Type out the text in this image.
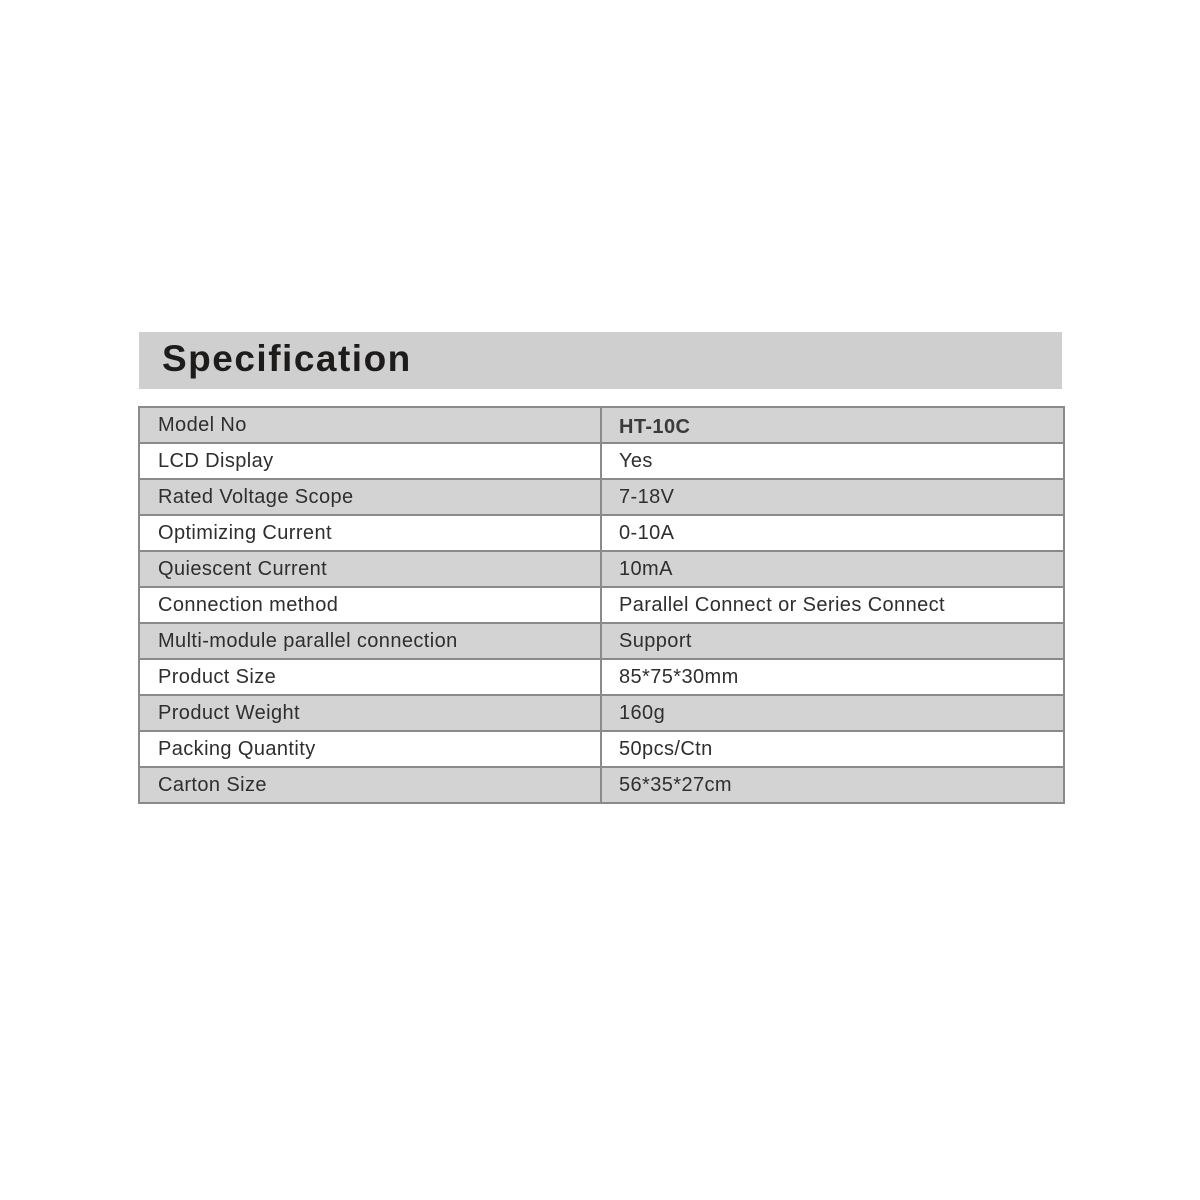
Specification
Model No	HT-10C
LCD Display	Yes
Rated Voltage Scope	7-18V
Optimizing Current	0-10A
Quiescent Current	10mA
Connection method	Parallel Connect or Series Connect
Multi-module parallel connection	Support
Product Size	85*75*30mm
Product Weight	160g
Packing Quantity	50pcs/Ctn
Carton Size	56*35*27cm
